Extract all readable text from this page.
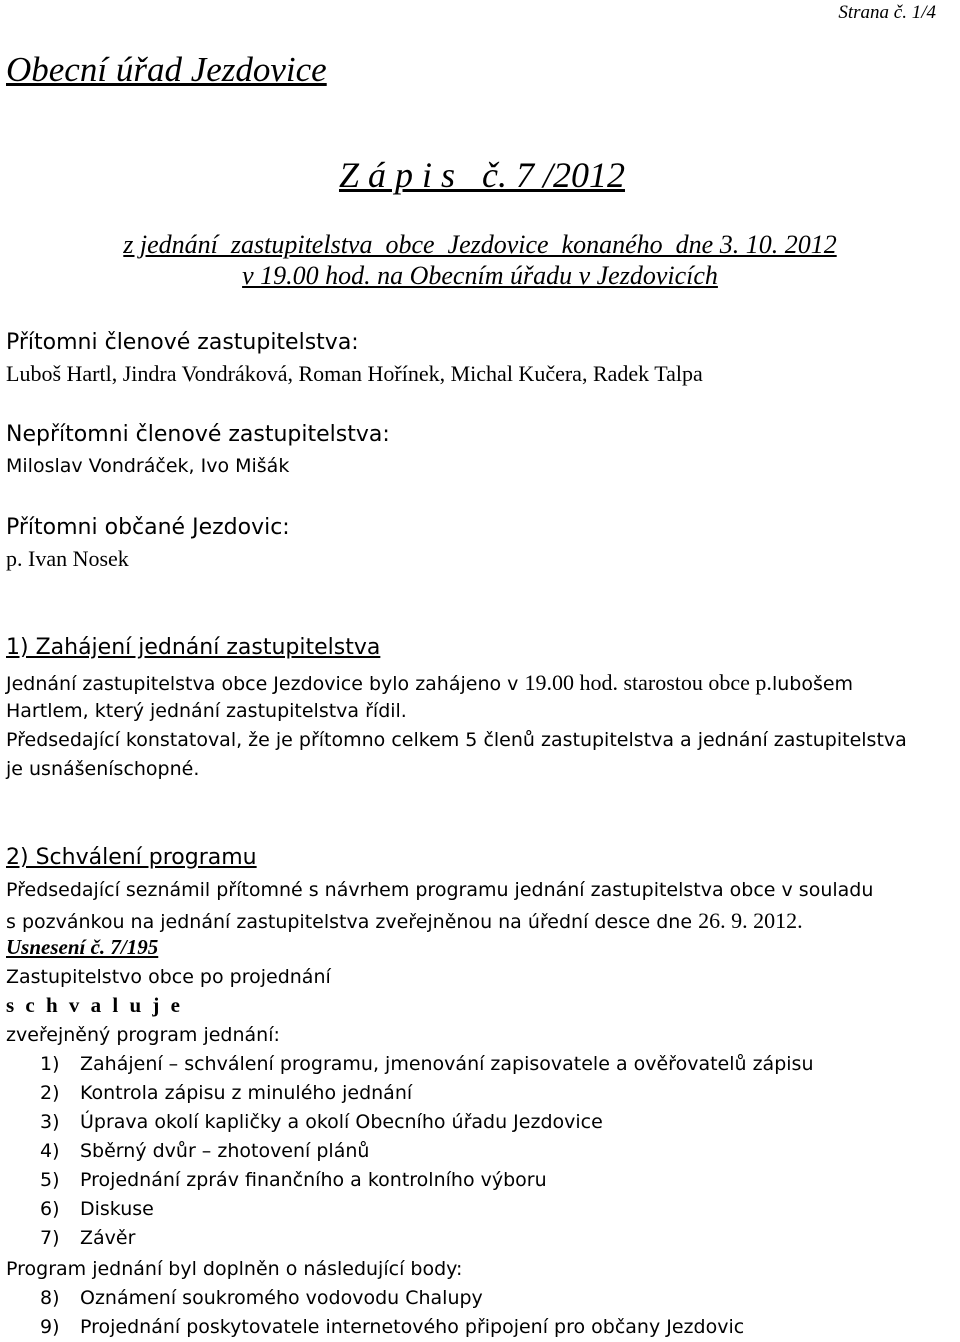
Strana č. 1/4
Obecní úřad Jezdovice
Z á p i s   č. 7 /2012
z jednání  zastupitelstva  obce  Jezdovice  konaného  dne 3. 10. 2012
v 19.00 hod. na Obecním úřadu v Jezdovicích
Přítomni členové zastupitelstva:
Luboš Hartl, Jindra Vondráková, Roman Hořínek, Michal Kučera, Radek Talpa
Nepřítomni členové zastupitelstva:
Miloslav Vondráček, Ivo Mišák
Přítomni občané Jezdovic:
p. Ivan Nosek
1) Zahájení jednání zastupitelstva
Jednání zastupitelstva obce Jezdovice bylo zahájeno v 19.00 hod. starostou obce p.lubošem
Hartlem, který jednání zastupitelstva řídil.
Předsedající konstatoval, že je přítomno celkem 5 členů zastupitelstva a jednání zastupitelstva
je usnášeníschopné.
2) Schválení programu
Předsedající seznámil přítomné s návrhem programu jednání zastupitelstva obce v souladu
s pozvánkou na jednání zastupitelstva zveřejněnou na úřední desce dne 26. 9. 2012.
Usnesení č. 7/195
Zastupitelstvo obce po projednání
s c h v a l u j e
zveřejněný program jednání:
1) Zahájení – schválení programu, jmenování zapisovatele a ověřovatelů zápisu
2) Kontrola zápisu z minulého jednání
3) Úprava okolí kapličky a okolí Obecního úřadu Jezdovice
4) Sběrný dvůr – zhotovení plánů
5) Projednání zpráv finančního a kontrolního výboru
6) Diskuse
7) Závěr
Program jednání byl doplněn o následující body:
8) Oznámení soukromého vodovodu Chalupy
9) Projednání poskytovatele internetového připojení pro občany Jezdovic
